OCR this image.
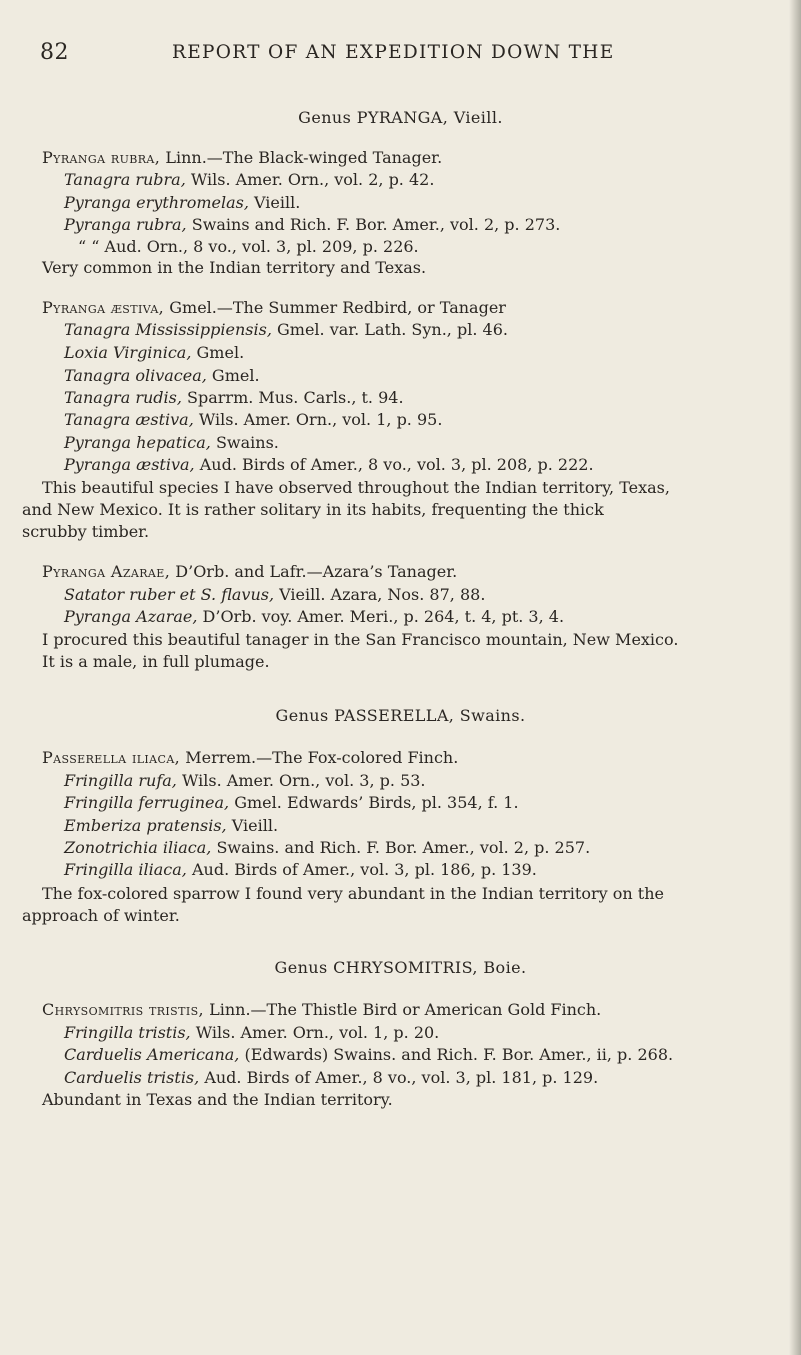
82	REPORT OF AN EXPEDITION DOWN THE
Genus PYRANGA, Vieill.
Pyranga rubra, Linn.—The Black-winged Tanager.
Tanagra rubra, Wils. Amer. Orn., vol. 2, p. 42.
Pyranga erythromelas, Vieill.
Pyranga rubra, Swains and Rich. F. Bor. Amer., vol. 2, p. 273.
“ “ Aud. Orn., 8 vo., vol. 3, pl. 209, p. 226.
Very common in the Indian territory and Texas.
Pyranga æstiva, Gmel.—The Summer Redbird, or Tanager
Tanagra Mississippiensis, Gmel. var. Lath. Syn., pl. 46.
Loxia Virginica, Gmel.
Tanagra olivacea, Gmel.
Tanagra rudis, Sparrm. Mus. Carls., t. 94.
Tanagra æstiva, Wils. Amer. Orn., vol. 1, p. 95.
Pyranga hepatica, Swains.
Pyranga æstiva, Aud. Birds of Amer., 8 vo., vol. 3, pl. 208, p. 222.
This beautiful species I have observed throughout the Indian territory, Texas,
and New Mexico. It is rather solitary in its habits, frequenting the thick
scrubby timber.
Pyranga Azarae, D’Orb. and Lafr.—Azara’s Tanager.
Satator ruber et S. flavus, Vieill. Azara, Nos. 87, 88.
Pyranga Azarae, D’Orb. voy. Amer. Meri., p. 264, t. 4, pt. 3, 4.
I procured this beautiful tanager in the San Francisco mountain, New Mexico.
It is a male, in full plumage.
Genus PASSERELLA, Swains.
Passerella iliaca, Merrem.—The Fox-colored Finch.
Fringilla rufa, Wils. Amer. Orn., vol. 3, p. 53.
Fringilla ferruginea, Gmel. Edwards’ Birds, pl. 354, f. 1.
Emberiza pratensis, Vieill.
Zonotrichia iliaca, Swains. and Rich. F. Bor. Amer., vol. 2, p. 257.
Fringilla iliaca, Aud. Birds of Amer., vol. 3, pl. 186, p. 139.
The fox-colored sparrow I found very abundant in the Indian territory on the
approach of winter.
Genus CHRYSOMITRIS, Boie.
Chrysomitris tristis, Linn.—The Thistle Bird or American Gold Finch.
Fringilla tristis, Wils. Amer. Orn., vol. 1, p. 20.
Carduelis Americana, (Edwards) Swains. and Rich. F. Bor. Amer., ii, p. 268.
Carduelis tristis, Aud. Birds of Amer., 8 vo., vol. 3, pl. 181, p. 129.
Abundant in Texas and the Indian territory.
